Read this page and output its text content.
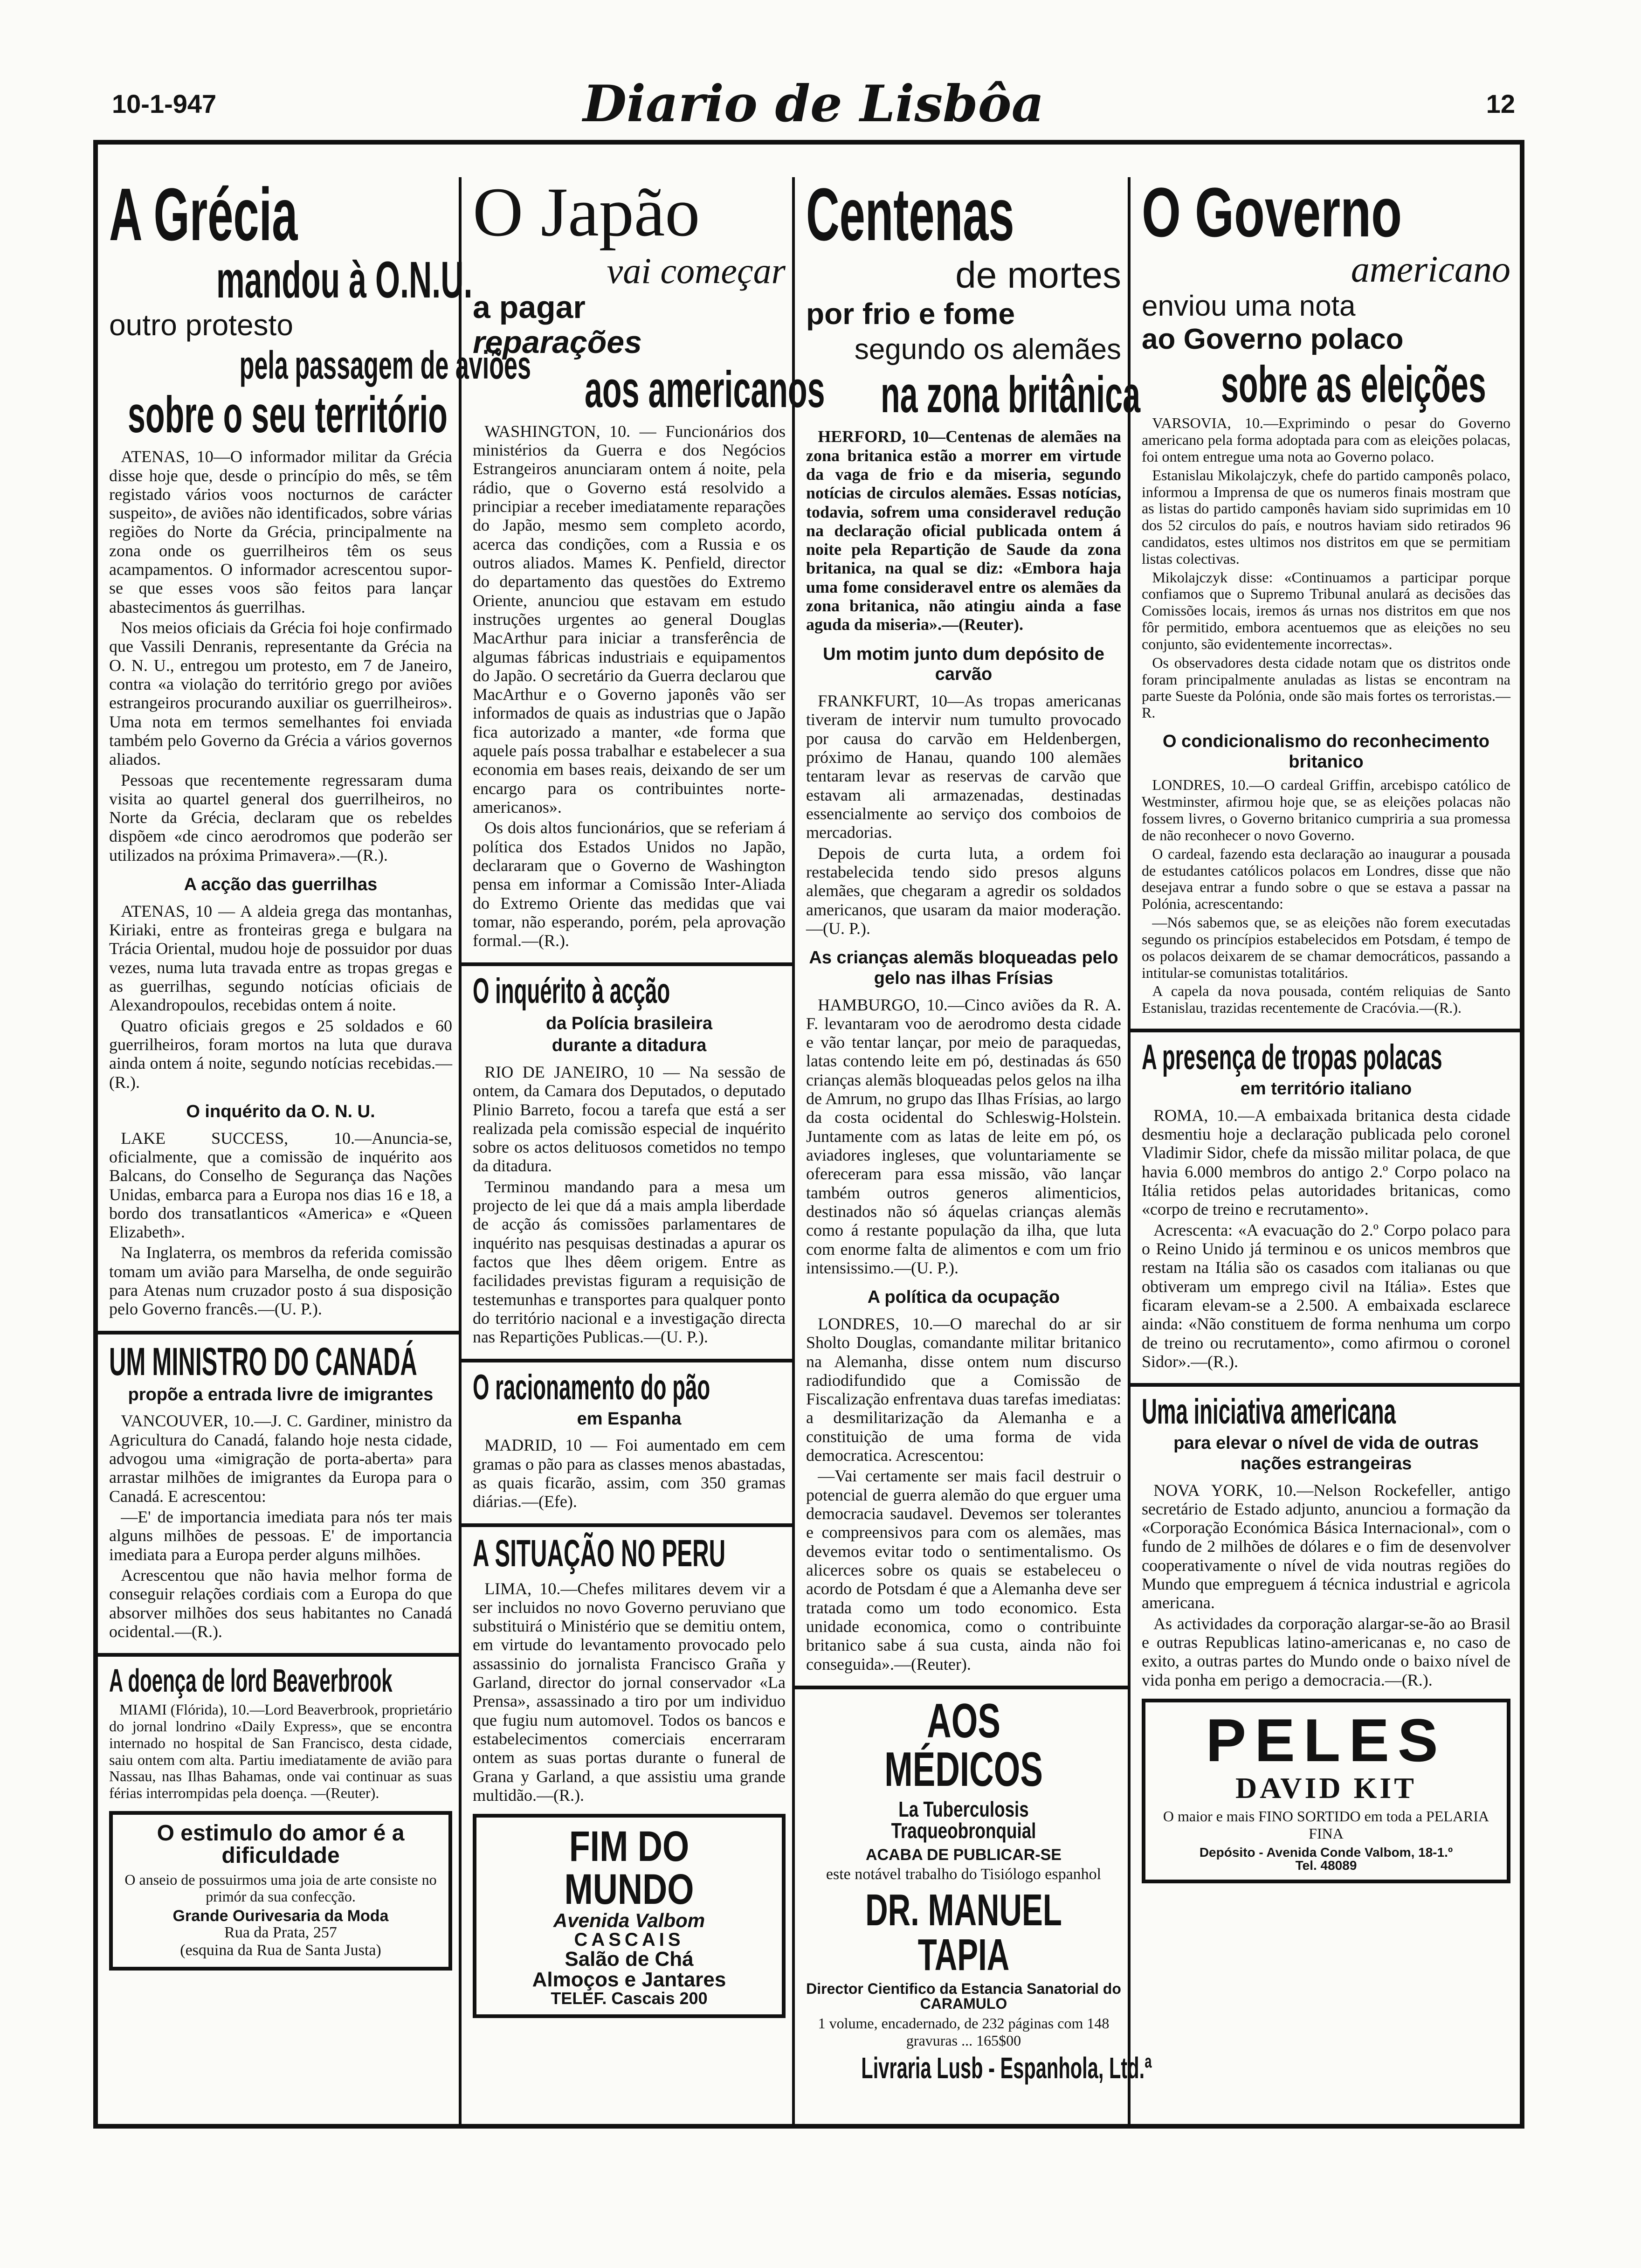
10-1-947	Diario de Lisbôa	12
A Grécia
mandou à O.N.U.
outro protesto
pela passagem de aviões
sobre o seu território

ATENAS, 10—O informador militar da Grécia disse hoje que, desde o princípio do mês, se têm registado vários voos nocturnos de carácter suspeito», de aviões não identificados, sobre várias regiões do Norte da Grécia, principalmente na zona onde os guerrilheiros têm os seus acampamentos. O informador acrescentou supor-se que esses voos são feitos para lançar abastecimentos ás guerrilhas.

Nos meios oficiais da Grécia foi hoje confirmado que Vassili Denranis, representante da Grécia na O. N. U., entregou um protesto, em 7 de Janeiro, contra «a violação do território grego por aviões estrangeiros procurando auxiliar os guerrilheiros». Uma nota em termos semelhantes foi enviada também pelo Governo da Grécia a vários governos aliados.

Pessoas que recentemente regressaram duma visita ao quartel general dos guerrilheiros, no Norte da Grécia, declaram que os rebeldes dispõem «de cinco aerodromos que poderão ser utilizados na próxima Primavera».—(R.).

A acção das guerrilhas

ATENAS, 10 — A aldeia grega das montanhas, Kiriaki, entre as fronteiras grega e bulgara na Trácia Oriental, mudou hoje de possuidor por duas vezes, numa luta travada entre as tropas gregas e as guerrilhas, segundo notícias oficiais de Alexandropoulos, recebidas ontem á noite.

Quatro oficiais gregos e 25 soldados e 60 guerrilheiros, foram mortos na luta que durava ainda ontem á noite, segundo notícias recebidas.— (R.).

O inquérito da O. N. U.

LAKE SUCCESS, 10.—Anuncia-se, oficialmente, que a comissão de inquérito aos Balcans, do Conselho de Segurança das Nações Unidas, embarca para a Europa nos dias 16 e 18, a bordo dos transatlanticos «America» e «Queen Elizabeth».

Na Inglaterra, os membros da referida comissão tomam um avião para Marselha, de onde seguirão para Atenas num cruzador posto á sua disposição pelo Governo francês.—(U. P.).

UM MINISTRO DO CANADÁ
propõe a entrada livre de imigrantes

VANCOUVER, 10.—J. C. Gardiner, ministro da Agricultura do Canadá, falando hoje nesta cidade, advogou uma «imigração de porta-aberta» para arrastar milhões de imigrantes da Europa para o Canadá. E acrescentou:

—E' de importancia imediata para nós ter mais alguns milhões de pessoas. E' de importancia imediata para a Europa perder alguns milhões.

Acrescentou que não havia melhor forma de conseguir relações cordiais com a Europa do que absorver milhões dos seus habitantes no Canadá ocidental.—(R.).

A doença de lord Beaverbrook

MIAMI (Flórida), 10.—Lord Beaverbrook, proprietário do jornal londrino «Daily Express», que se encontra internado no hospital de San Francisco, desta cidade, saiu ontem com alta. Partiu imediatamente de avião para Nassau, nas Ilhas Bahamas, onde vai continuar as suas férias interrompidas pela doença. —(Reuter).

O estimulo do amor é a dificuldade
O anseio de possuirmos uma joia de arte consiste no primór da sua confecção.
Grande Ourivesaria da Moda
Rua da Prata, 257
(esquina da Rua de Santa Justa)
O Japão
vai começar
a pagar
reparações
aos americanos

WASHINGTON, 10. — Funcionários dos ministérios da Guerra e dos Negócios Estrangeiros anunciaram ontem á noite, pela rádio, que o Governo está resolvido a principiar a receber imediatamente reparações do Japão, mesmo sem completo acordo, acerca das condições, com a Russia e os outros aliados. Mames K. Penfield, director do departamento das questões do Extremo Oriente, anunciou que estavam em estudo instruções urgentes ao general Douglas MacArthur para iniciar a transferência de algumas fábricas industriais e equipamentos do Japão. O secretário da Guerra declarou que MacArthur e o Governo japonês vão ser informados de quais as industrias que o Japão fica autorizado a manter, «de forma que aquele país possa trabalhar e estabelecer a sua economia em bases reais, deixando de ser um encargo para os contribuintes norte-americanos».

Os dois altos funcionários, que se referiam á política dos Estados Unidos no Japão, declararam que o Governo de Washington pensa em informar a Comissão Inter-Aliada do Extremo Oriente das medidas que vai tomar, não esperando, porém, pela aprovação formal.—(R.).

O inquérito à acção
da Polícia brasileira
durante a ditadura

RIO DE JANEIRO, 10 — Na sessão de ontem, da Camara dos Deputados, o deputado Plinio Barreto, focou a tarefa que está a ser realizada pela comissão especial de inquérito sobre os actos delituosos cometidos no tempo da ditadura.

Terminou mandando para a mesa um projecto de lei que dá a mais ampla liberdade de acção ás comissões parlamentares de inquérito nas pesquisas destinadas a apurar os factos que lhes dêem origem. Entre as facilidades previstas figuram a requisição de testemunhas e transportes para qualquer ponto do território nacional e a investigação directa nas Repartições Publicas.—(U. P.).

O racionamento do pão
em Espanha

MADRID, 10 — Foi aumentado em cem gramas o pão para as classes menos abastadas, as quais ficarão, assim, com 350 gramas diárias.—(Efe).

A SITUAÇÃO NO PERU

LIMA, 10.—Chefes militares devem vir a ser incluidos no novo Governo peruviano que substituirá o Ministério que se demitiu ontem, em virtude do levantamento provocado pelo assassinio do jornalista Francisco Graña y Garland, director do jornal conservador «La Prensa», assassinado a tiro por um individuo que fugiu num automovel. Todos os bancos e estabelecimentos comerciais encerraram ontem as suas portas durante o funeral de Grana y Garland, a que assistiu uma grande multidão.—(R.).

FIM DO MUNDO
Avenida Valbom
CASCAIS
Salão de Chá
Almoços e Jantares
TELEF. Cascais 200
Centenas
de mortes
por frio e fome
segundo os alemães
na zona britânica

HERFORD, 10—Centenas de alemães na zona britanica estão a morrer em virtude da vaga de frio e da miseria, segundo notícias de circulos alemães. Essas notícias, todavia, sofrem uma consideravel redução na declaração oficial publicada ontem á noite pela Repartição de Saude da zona britanica, na qual se diz: «Embora haja uma fome consideravel entre os alemães da zona britanica, não atingiu ainda a fase aguda da miseria».—(Reuter).

Um motim junto dum depósito de carvão

FRANKFURT, 10—As tropas americanas tiveram de intervir num tumulto provocado por causa do carvão em Heldenbergen, próximo de Hanau, quando 100 alemães tentaram levar as reservas de carvão que estavam ali armazenadas, destinadas essencialmente ao serviço dos comboios de mercadorias.

Depois de curta luta, a ordem foi restabelecida tendo sido presos alguns alemães, que chegaram a agredir os soldados americanos, que usaram da maior moderação.—(U. P.).

As crianças alemãs bloqueadas pelo gelo nas ilhas Frísias

HAMBURGO, 10.—Cinco aviões da R. A. F. levantaram voo de aerodromo desta cidade e vão tentar lançar, por meio de paraquedas, latas contendo leite em pó, destinadas ás 650 crianças alemãs bloqueadas pelos gelos na ilha de Amrum, no grupo das Ilhas Frísias, ao largo da costa ocidental do Schleswig-Holstein. Juntamente com as latas de leite em pó, os aviadores ingleses, que voluntariamente se ofereceram para essa missão, vão lançar também outros generos alimenticios, destinados não só áquelas crianças alemãs como á restante população da ilha, que luta com enorme falta de alimentos e com um frio intensissimo.—(U. P.).

A política da ocupação

LONDRES, 10.—O marechal do ar sir Sholto Douglas, comandante militar britanico na Alemanha, disse ontem num discurso radiodifundido que a Comissão de Fiscalização enfrentava duas tarefas imediatas: a desmilitarização da Alemanha e a constituição de uma forma de vida democratica. Acrescentou:

—Vai certamente ser mais facil destruir o potencial de guerra alemão do que erguer uma democracia saudavel. Devemos ser tolerantes e compreensivos para com os alemães, mas devemos evitar todo o sentimentalismo. Os alicerces sobre os quais se estabeleceu o acordo de Potsdam é que a Alemanha deve ser tratada como um todo economico. Esta unidade economica, como o contribuinte britanico sabe á sua custa, ainda não foi conseguida».—(Reuter).

AOS MÉDICOS
La Tuberculosis Traqueobronquial
ACABA DE PUBLICAR-SE
este notável trabalho do Tisiólogo espanhol
DR. MANUEL TAPIA
Director Cientifico da Estancia Sanatorial do CARAMULO
1 volume, encadernado, de 232 páginas com 148 gravuras ... 165$00
Livraria Lusb - Espanhola, Ltd.ª
O Governo
americano
enviou uma nota
ao Governo polaco
sobre as eleições

VARSOVIA, 10.—Exprimindo o pesar do Governo americano pela forma adoptada para com as eleições polacas, foi ontem entregue uma nota ao Governo polaco.

Estanislau Mikolajczyk, chefe do partido camponês polaco, informou a Imprensa de que os numeros finais mostram que as listas do partido camponês haviam sido suprimidas em 10 dos 52 circulos do país, e noutros haviam sido retirados 96 candidatos, estes ultimos nos distritos em que se permitiam listas colectivas.

Mikolajczyk disse: «Continuamos a participar porque confiamos que o Supremo Tribunal anulará as decisões das Comissões locais, iremos ás urnas nos distritos em que nos fôr permitido, embora acentuemos que as eleições no seu conjunto, são evidentemente incorrectas».

Os observadores desta cidade notam que os distritos onde foram principalmente anuladas as listas se encontram na parte Sueste da Polónia, onde são mais fortes os terroristas.—R.

O condicionalismo do reconhecimento britanico

LONDRES, 10.—O cardeal Griffin, arcebispo católico de Westminster, afirmou hoje que, se as eleições polacas não fossem livres, o Governo britanico cumpriria a sua promessa de não reconhecer o novo Governo.

O cardeal, fazendo esta declaração ao inaugurar a pousada de estudantes católicos polacos em Londres, disse que não desejava entrar a fundo sobre o que se estava a passar na Polónia, acrescentando:

—Nós sabemos que, se as eleições não forem executadas segundo os princípios estabelecidos em Potsdam, é tempo de os polacos deixarem de se chamar democráticos, passando a intitular-se comunistas totalitários.

A capela da nova pousada, contém reliquias de Santo Estanislau, trazidas recentemente de Cracóvia.—(R.).

A presença de tropas polacas
em território italiano

ROMA, 10.—A embaixada britanica desta cidade desmentiu hoje a declaração publicada pelo coronel Vladimir Sidor, chefe da missão militar polaca, de que havia 6.000 membros do antigo 2.º Corpo polaco na Itália retidos pelas autoridades britanicas, como «corpo de treino e recrutamento».

Acrescenta: «A evacuação do 2.º Corpo polaco para o Reino Unido já terminou e os unicos membros que restam na Itália são os casados com italianas ou que obtiveram um emprego civil na Itália». Estes que ficaram elevam-se a 2.500. A embaixada esclarece ainda: «Não constituem de forma nenhuma um corpo de treino ou recrutamento», como afirmou o coronel Sidor».—(R.).

Uma iniciativa americana
para elevar o nível de vida de outras nações estrangeiras

NOVA YORK, 10.—Nelson Rockefeller, antigo secretário de Estado adjunto, anunciou a formação da «Corporação Económica Básica Internacional», com o fundo de 2 milhões de dólares e o fim de desenvolver cooperativamente o nível de vida noutras regiões do Mundo que empreguem á técnica industrial e agricola americana.

As actividades da corporação alargar-se-ão ao Brasil e outras Republicas latino-americanas e, no caso de exito, a outras partes do Mundo onde o baixo nível de vida ponha em perigo a democracia.—(R.).

PELES
DAVID KIT
O maior e mais FINO SORTIDO em toda a PELARIA FINA
Depósito - Avenida Conde Valbom, 18-1.º
Tel. 48089
